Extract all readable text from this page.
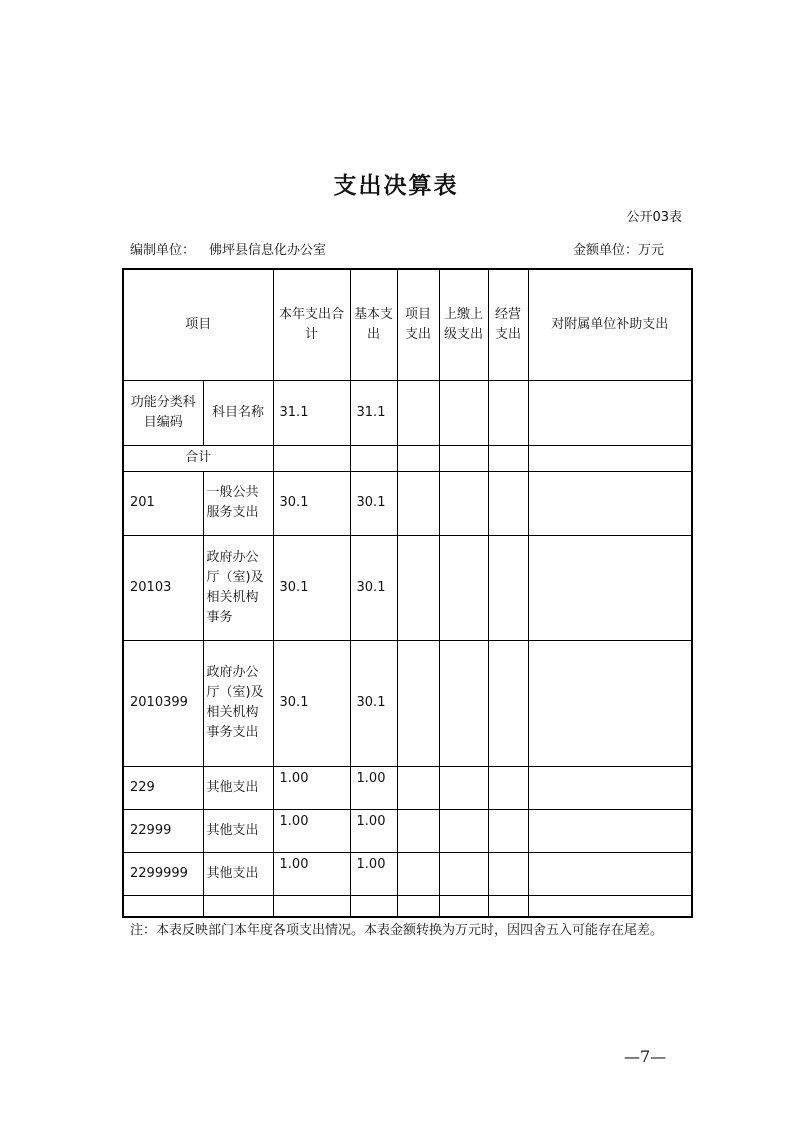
支出决算表
公开03表
编制单位： 佛坪县信息化办公室	金额单位：万元
项目		本年支出合计	基本支出	项目支出	上缴上级支出	经营支出	对附属单位补助支出
功能分类科目编码	科目名称	31.1	31.1				
合计							
201	一般公共服务支出	30.1	30.1				
20103	政府办公厅（室)及相关机构事务	30.1	30.1				
2010399	政府办公厅（室)及相关机构事务支出	30.1	30.1				
229	其他支出	1.00	1.00				
22999	其他支出	1.00	1.00				
2299999	其他支出	1.00	1.00				

注：本表反映部门本年度各项支出情况。本表金额转换为万元时，因四舍五入可能存在尾差。
—7—
